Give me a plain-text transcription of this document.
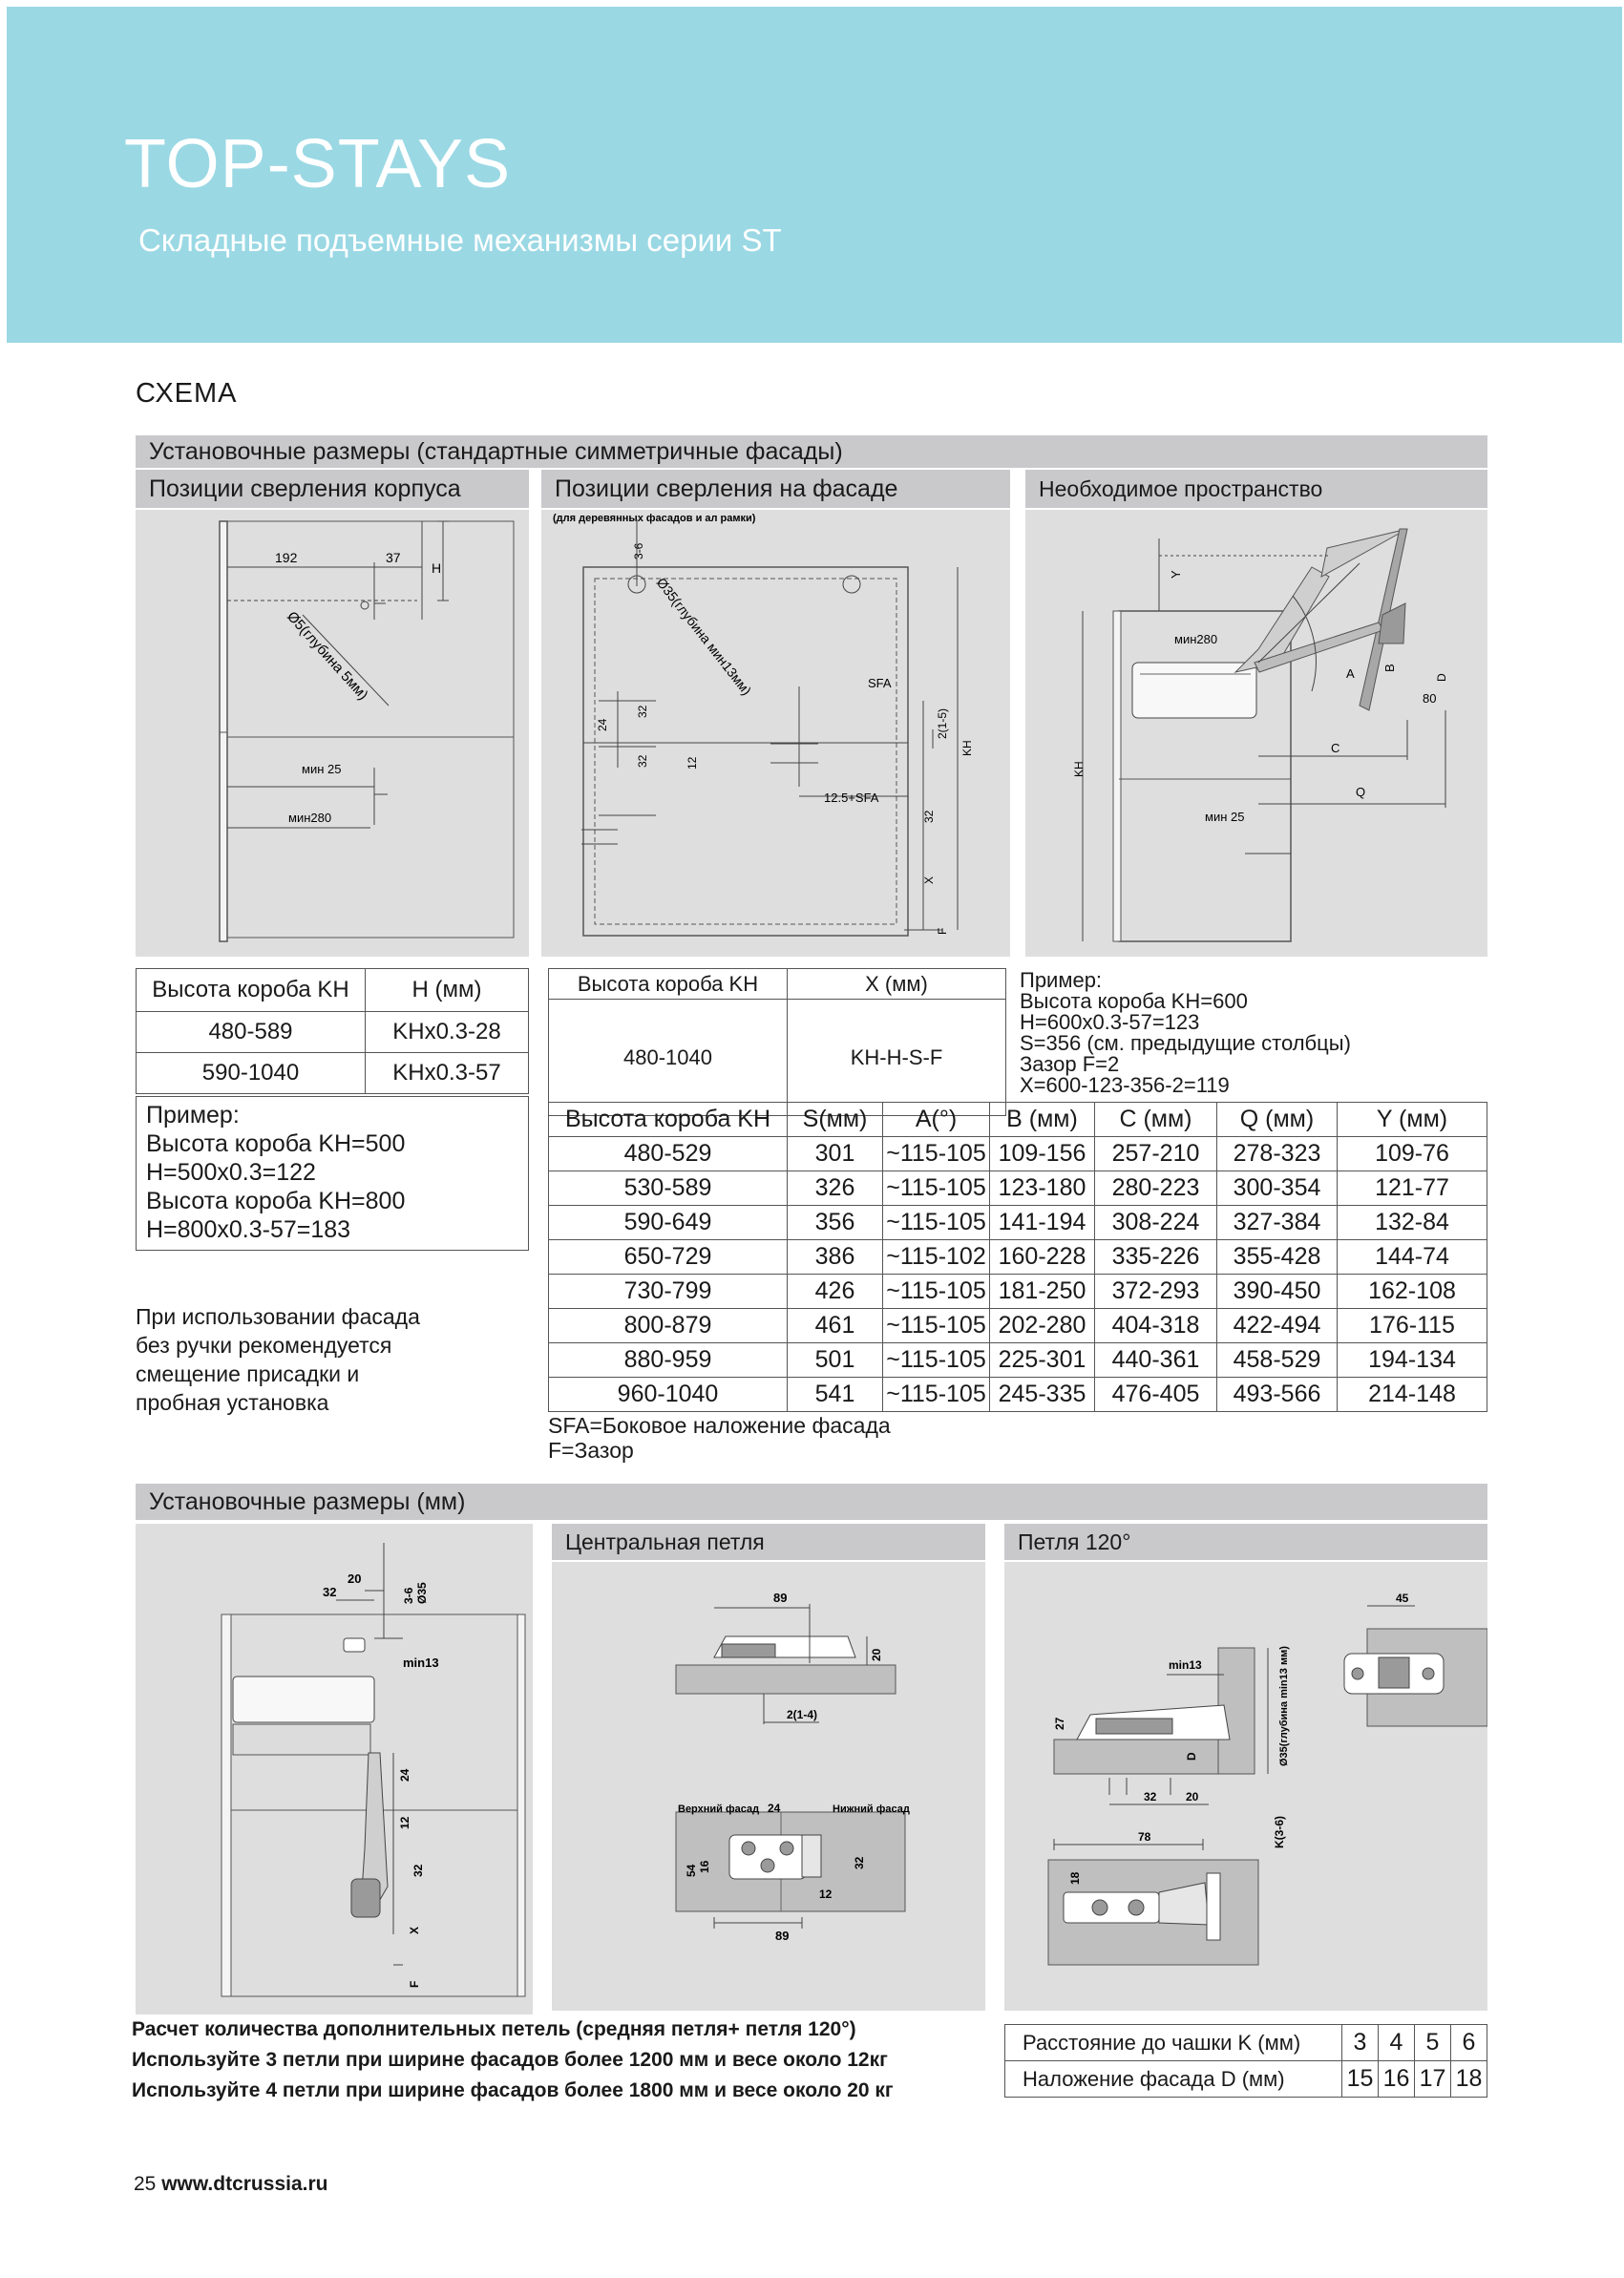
TOP-STAYS
Складные подъемные механизмы серии ST
СХЕМА
Установочные размеры (стандартные симметричные фасады)
Позиции сверления корпуса	Позиции сверления на фасаде	Необходимое пространство
192	37
H
Ø5(глубина 5мм)
мин 25
мин280
(для деревянных фасадов и ал рамки)
3-6
Ø35(глубина мин13мм)	SFA
2(1-5)
KH
24
32
32	12
12.5+SFA
32
X
F
Y
мин280
A B
D
80
C
Q
KH
мин 25
Высота короба KH	H (мм)
480-589	KHx0.3-28
590-1040	KHx0.3-57
Пример:
Высота короба KH=500
H=500x0.3=122
Высота короба KH=800
H=800x0.3-57=183
При использовании фасада
без ручки рекомендуется
смещение присадки и
пробная установка
Высота короба KH	X (мм)
480-1040	KH-H-S-F
Пример:
Высота короба KH=600
H=600x0.3-57=123
S=356 (см. предыдущие столбцы)
Зазор F=2
X=600-123-356-2=119
Высота короба KH	S(мм)	A(°)	B (мм)	C (мм)	Q (мм)	Y (мм)
480-529	301	~115-105	109-156	257-210	278-323	109-76
530-589	326	~115-105	123-180	280-223	300-354	121-77
590-649	356	~115-105	141-194	308-224	327-384	132-84
650-729	386	~115-102	160-228	335-226	355-428	144-74
730-799	426	~115-105	181-250	372-293	390-450	162-108
800-879	461	~115-105	202-280	404-318	422-494	176-115
880-959	501	~115-105	225-301	440-361	458-529	194-134
960-1040	541	~115-105	245-335	476-405	493-566	214-148
SFA=Боковое наложение фасада
F=Зазор
Установочные размеры (мм)
Центральная петля	Петля 120°
20
32	3-6 Ø35
min13
24
12
32
X
F
89
20
2(1-4)
Верхний фасад 24	Нижний фасад
54 16	32
12
89
min13	Ø35(глубина min13 мм)
45
27
D
32	20
K(3-6)
78
18
Расчет количества дополнительных петель (средняя петля+ петля 120°)
Используйте 3 петли при ширине фасадов более 1200 мм и весе около 12кг
Используйте 4 петли при ширине фасадов более 1800 мм и весе около 20 кг
Расстояние до чашки K (мм)	3	4	5	6
Наложение фасада D (мм)	15	16	17	18
25 www.dtcrussia.ru
